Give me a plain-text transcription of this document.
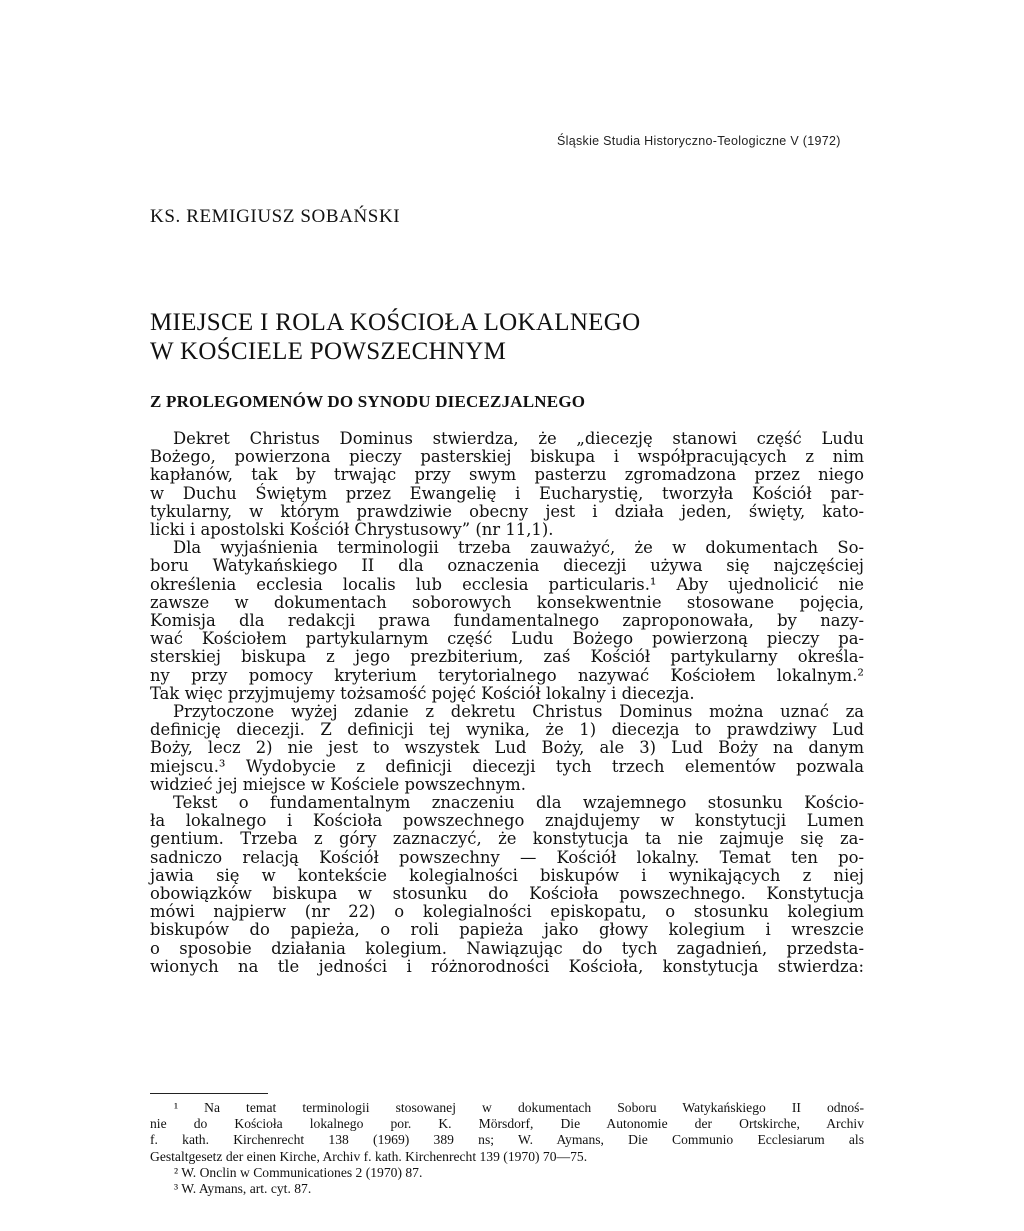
Śląskie Studia Historyczno-Teologiczne V (1972)
KS. REMIGIUSZ SOBAŃSKI
MIEJSCE I ROLA KOŚCIOŁA LOKALNEGO
W KOŚCIELE POWSZECHNYM
Z PROLEGOMENÓW DO SYNODU DIECEZJALNEGO
Dekret Christus Dominus stwierdza, że „diecezję stanowi część Ludu
Bożego, powierzona pieczy pasterskiej biskupa i współpracujących z nim
kapłanów, tak by trwając przy swym pasterzu zgromadzona przez niego
w Duchu Świętym przez Ewangelię i Eucharystię, tworzyła Kościół par-
tykularny, w którym prawdziwie obecny jest i działa jeden, święty, kato-
licki i apostolski Kościół Chrystusowy” (nr 11,1).
Dla wyjaśnienia terminologii trzeba zauważyć, że w dokumentach So-
boru Watykańskiego II dla oznaczenia diecezji używa się najczęściej
określenia ecclesia localis lub ecclesia particularis.¹ Aby ujednolicić nie
zawsze w dokumentach soborowych konsekwentnie stosowane pojęcia,
Komisja dla redakcji prawa fundamentalnego zaproponowała, by nazy-
wać Kościołem partykularnym część Ludu Bożego powierzoną pieczy pa-
sterskiej biskupa z jego prezbiterium, zaś Kościół partykularny określa-
ny przy pomocy kryterium terytorialnego nazywać Kościołem lokalnym.²
Tak więc przyjmujemy tożsamość pojęć Kościół lokalny i diecezja.
Przytoczone wyżej zdanie z dekretu Christus Dominus można uznać za
definicję diecezji. Z definicji tej wynika, że 1) diecezja to prawdziwy Lud
Boży, lecz 2) nie jest to wszystek Lud Boży, ale 3) Lud Boży na danym
miejscu.³ Wydobycie z definicji diecezji tych trzech elementów pozwala
widzieć jej miejsce w Kościele powszechnym.
Tekst o fundamentalnym znaczeniu dla wzajemnego stosunku Kościo-
ła lokalnego i Kościoła powszechnego znajdujemy w konstytucji Lumen
gentium. Trzeba z góry zaznaczyć, że konstytucja ta nie zajmuje się za-
sadniczo relacją Kościół powszechny — Kościół lokalny. Temat ten po-
jawia się w kontekście kolegialności biskupów i wynikających z niej
obowiązków biskupa w stosunku do Kościoła powszechnego. Konstytucja
mówi najpierw (nr 22) o kolegialności episkopatu, o stosunku kolegium
biskupów do papieża, o roli papieża jako głowy kolegium i wreszcie
o sposobie działania kolegium. Nawiązując do tych zagadnień, przedsta-
wionych na tle jedności i różnorodności Kościoła, konstytucja stwierdza:
¹ Na temat terminologii stosowanej w dokumentach Soboru Watykańskiego II odnoś-
nie do Kościoła lokalnego por. K. Mörsdorf, Die Autonomie der Ortskirche, Archiv
f. kath. Kirchenrecht 138 (1969) 389 ns; W. Aymans, Die Communio Ecclesiarum als
Gestaltgesetz der einen Kirche, Archiv f. kath. Kirchenrecht 139 (1970) 70—75.
² W. Onclin w Communicationes 2 (1970) 87.
³ W. Aymans, art. cyt. 87.
